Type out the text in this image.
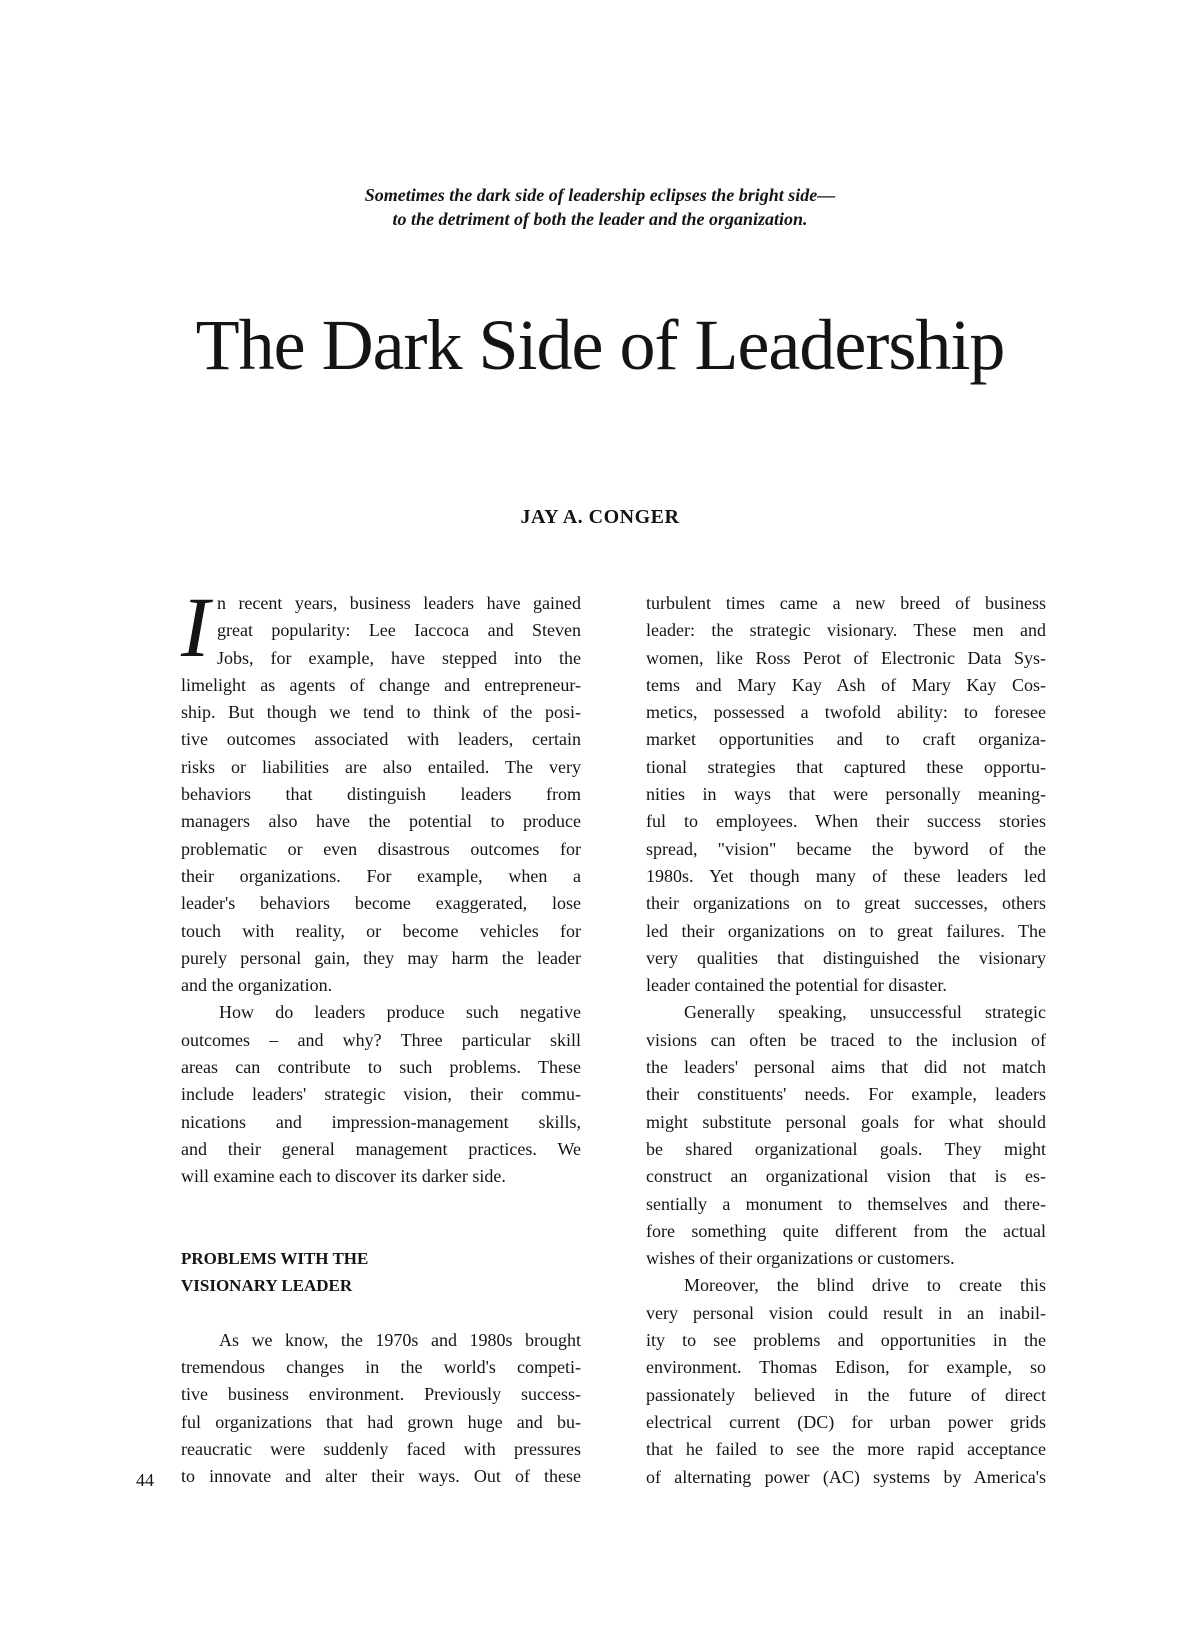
Sometimes the dark side of leadership eclipses the bright side—
to the detriment of both the leader and the organization.
The Dark Side of Leadership
JAY A. CONGER
I n recent years, business leaders have gained
great popularity: Lee Iaccoca and Steven
Jobs, for example, have stepped into the
limelight as agents of change and entrepreneur-
ship. But though we tend to think of the posi-
tive outcomes associated with leaders, certain
risks or liabilities are also entailed. The very
behaviors that distinguish leaders from
managers also have the potential to produce
problematic or even disastrous outcomes for
their organizations. For example, when a
leader's behaviors become exaggerated, lose
touch with reality, or become vehicles for
purely personal gain, they may harm the leader
and the organization.
How do leaders produce such negative
outcomes – and why? Three particular skill
areas can contribute to such problems. These
include leaders' strategic vision, their commu-
nications and impression-management skills,
and their general management practices. We
will examine each to discover its darker side.
PROBLEMS WITH THE
VISIONARY LEADER
As we know, the 1970s and 1980s brought
tremendous changes in the world's competi-
tive business environment. Previously success-
ful organizations that had grown huge and bu-
reaucratic were suddenly faced with pressures
to innovate and alter their ways. Out of these
turbulent times came a new breed of business
leader: the strategic visionary. These men and
women, like Ross Perot of Electronic Data Sys-
tems and Mary Kay Ash of Mary Kay Cos-
metics, possessed a twofold ability: to foresee
market opportunities and to craft organiza-
tional strategies that captured these opportu-
nities in ways that were personally meaning-
ful to employees. When their success stories
spread, "vision" became the byword of the
1980s. Yet though many of these leaders led
their organizations on to great successes, others
led their organizations on to great failures. The
very qualities that distinguished the visionary
leader contained the potential for disaster.
Generally speaking, unsuccessful strategic
visions can often be traced to the inclusion of
the leaders' personal aims that did not match
their constituents' needs. For example, leaders
might substitute personal goals for what should
be shared organizational goals. They might
construct an organizational vision that is es-
sentially a monument to themselves and there-
fore something quite different from the actual
wishes of their organizations or customers.
Moreover, the blind drive to create this
very personal vision could result in an inabil-
ity to see problems and opportunities in the
environment. Thomas Edison, for example, so
passionately believed in the future of direct
electrical current (DC) for urban power grids
that he failed to see the more rapid acceptance
of alternating power (AC) systems by America's
44
